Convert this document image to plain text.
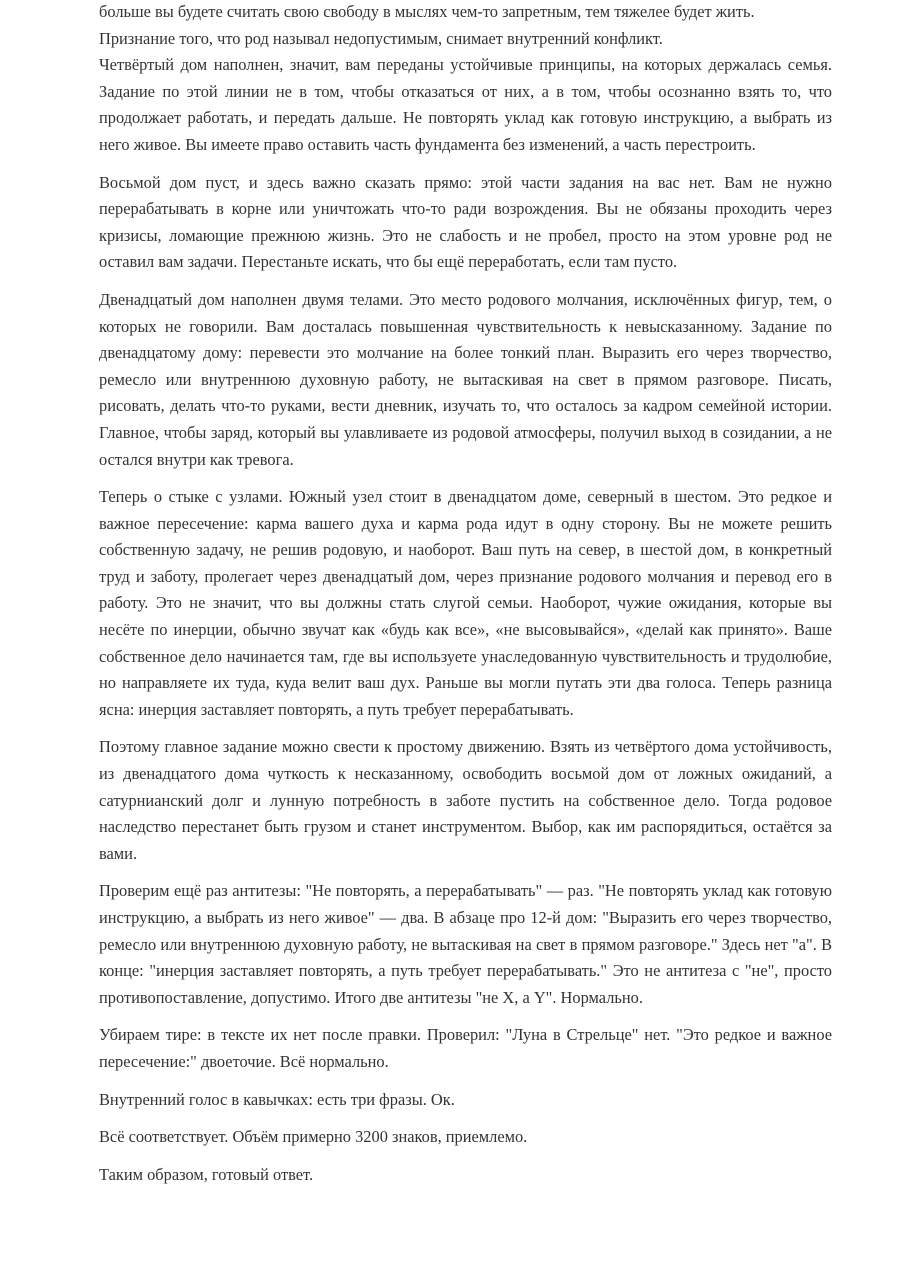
больше вы будете считать свою свободу в мыслях чем-то запретным, тем тяжелее будет жить.

Признание того, что род называл недопустимым, снимает внутренний конфликт.

Четвёртый дом наполнен, значит, вам переданы устойчивые принципы, на которых держалась семья. Задание по этой линии не в том, чтобы отказаться от них, а в том, чтобы осознанно взять то, что продолжает работать, и передать дальше. Не повторять уклад как готовую инструкцию, а выбрать из него живое. Вы имеете право оставить часть фундамента без изменений, а часть перестроить.

Восьмой дом пуст, и здесь важно сказать прямо: этой части задания на вас нет. Вам не нужно перерабатывать в корне или уничтожать что-то ради возрождения. Вы не обязаны проходить через кризисы, ломающие прежнюю жизнь. Это не слабость и не пробел, просто на этом уровне род не оставил вам задачи. Перестаньте искать, что бы ещё переработать, если там пусто.

Двенадцатый дом наполнен двумя телами. Это место родового молчания, исключённых фигур, тем, о которых не говорили. Вам досталась повышенная чувствительность к невысказанному. Задание по двенадцатому дому: перевести это молчание на более тонкий план. Выразить его через творчество, ремесло или внутреннюю духовную работу, не вытаскивая на свет в прямом разговоре. Писать, рисовать, делать что-то руками, вести дневник, изучать то, что осталось за кадром семейной истории. Главное, чтобы заряд, который вы улавливаете из родовой атмосферы, получил выход в созидании, а не остался внутри как тревога.

Теперь о стыке с узлами. Южный узел стоит в двенадцатом доме, северный в шестом. Это редкое и важное пересечение: карма вашего духа и карма рода идут в одну сторону. Вы не можете решить собственную задачу, не решив родовую, и наоборот. Ваш путь на север, в шестой дом, в конкретный труд и заботу, пролегает через двенадцатый дом, через признание родового молчания и перевод его в работу. Это не значит, что вы должны стать слугой семьи. Наоборот, чужие ожидания, которые вы несёте по инерции, обычно звучат как «будь как все», «не высовывайся», «делай как принято». Ваше собственное дело начинается там, где вы используете унаследованную чувствительность и трудолюбие, но направляете их туда, куда велит ваш дух. Раньше вы могли путать эти два голоса. Теперь разница ясна: инерция заставляет повторять, а путь требует перерабатывать.

Поэтому главное задание можно свести к простому движению. Взять из четвёртого дома устойчивость, из двенадцатого дома чуткость к несказанному, освободить восьмой дом от ложных ожиданий, а сатурнианский долг и лунную потребность в заботе пустить на собственное дело. Тогда родовое наследство перестанет быть грузом и станет инструментом. Выбор, как им распорядиться, остаётся за вами.

Проверим ещё раз антитезы: "Не повторять, а перерабатывать" — раз. "Не повторять уклад как готовую инструкцию, а выбрать из него живое" — два. В абзаце про 12-й дом: "Выразить его через творчество, ремесло или внутреннюю духовную работу, не вытаскивая на свет в прямом разговоре." Здесь нет "а". В конце: "инерция заставляет повторять, а путь требует перерабатывать." Это не антитеза с "не", просто противопоставление, допустимо. Итого две антитезы "не X, а Y". Нормально.

Убираем тире: в тексте их нет после правки. Проверил: "Луна в Стрельце" нет. "Это редкое и важное пересечение:" двоеточие. Всё нормально.

Внутренний голос в кавычках: есть три фразы. Ок.

Всё соответствует. Объём примерно 3200 знаков, приемлемо.

Таким образом, готовый ответ.
